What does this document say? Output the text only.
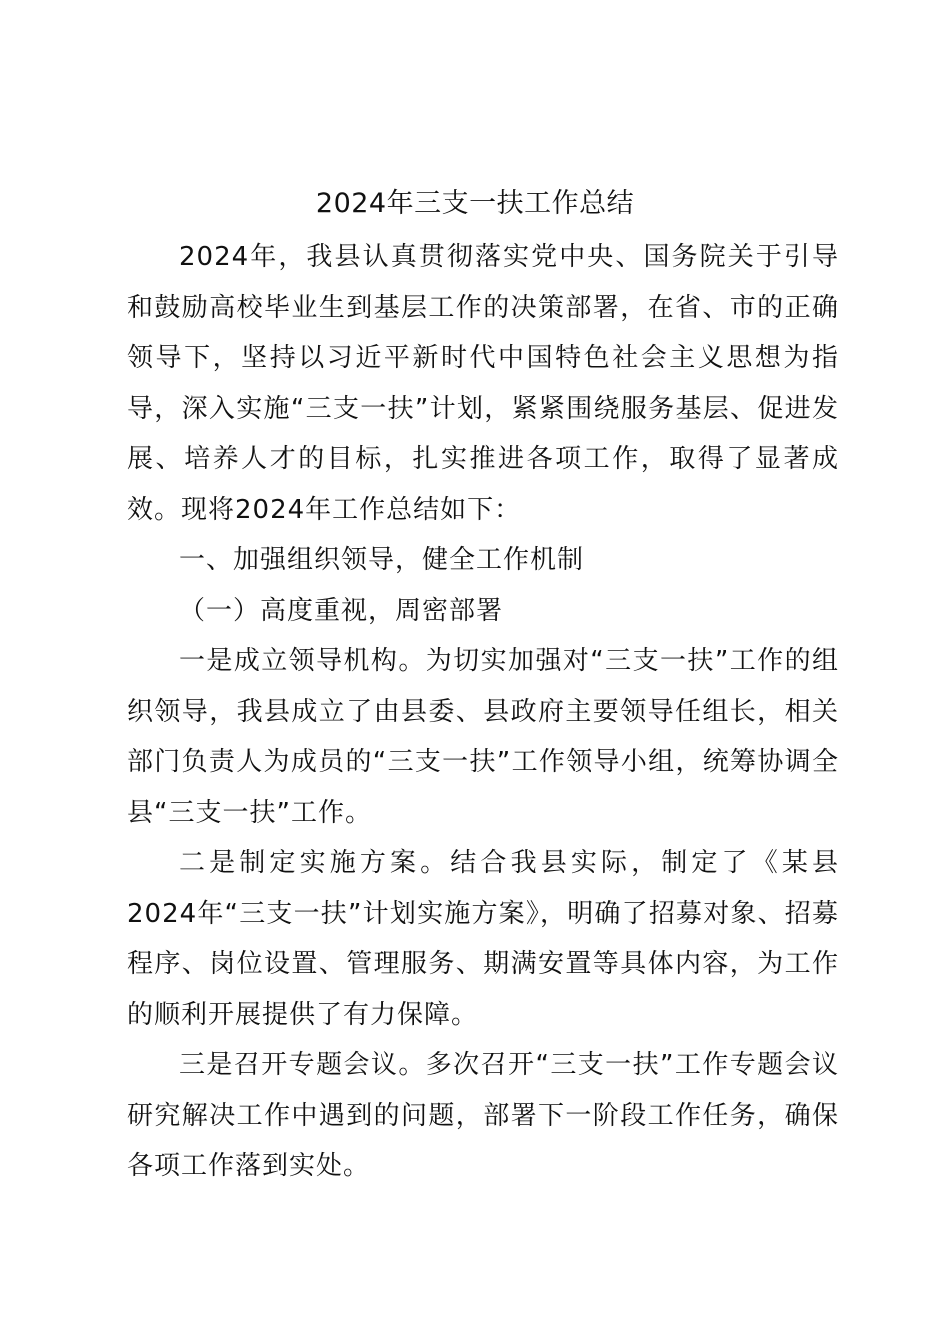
2024年三支一扶工作总结

2024年，我县认真贯彻落实党中央、国务院关于引导和鼓励高校毕业生到基层工作的决策部署，在省、市的正确领导下，坚持以习近平新时代中国特色社会主义思想为指导，深入实施“三支一扶”计划，紧紧围绕服务基层、促进发展、培养人才的目标，扎实推进各项工作，取得了显著成效。现将2024年工作总结如下：

一、加强组织领导，健全工作机制

（一）高度重视，周密部署

一是成立领导机构。为切实加强对“三支一扶”工作的组织领导，我县成立了由县委、县政府主要领导任组长，相关部门负责人为成员的“三支一扶”工作领导小组，统筹协调全县“三支一扶”工作。

二是制定实施方案。结合我县实际，制定了《某县2024年“三支一扶”计划实施方案》，明确了招募对象、招募程序、岗位设置、管理服务、期满安置等具体内容，为工作的顺利开展提供了有力保障。

三是召开专题会议。多次召开“三支一扶”工作专题会议研究解决工作中遇到的问题，部署下一阶段工作任务，确保各项工作落到实处。
